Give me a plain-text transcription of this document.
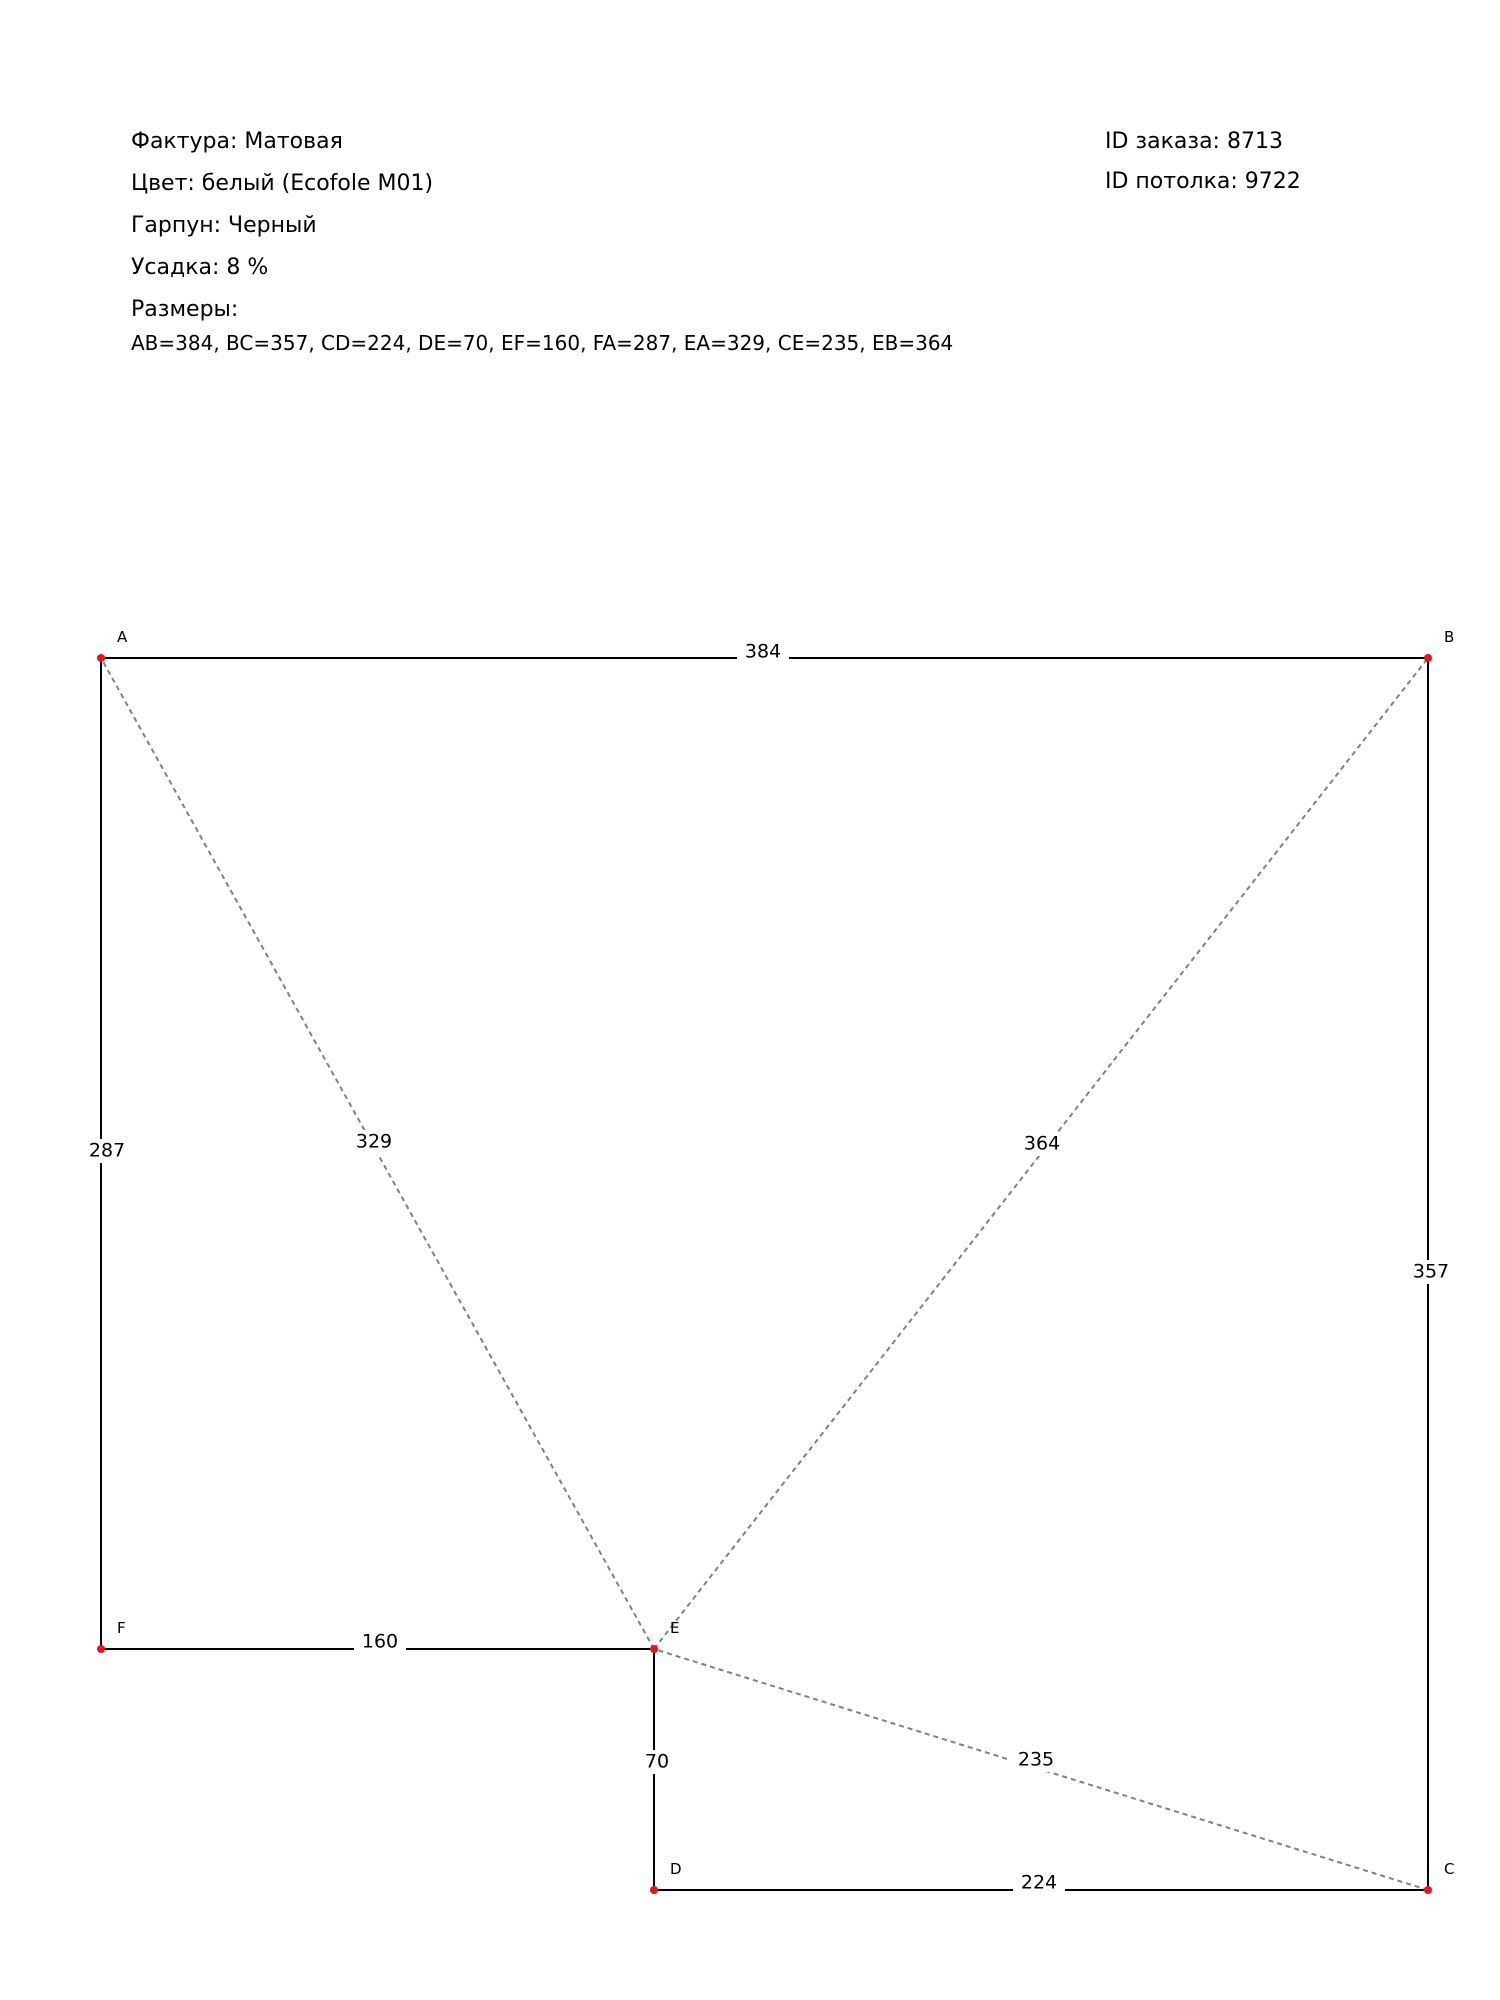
Фактура: Матовая
Цвет: белый (Ecofole M01)
Гарпун: Черный
Усадка: 8 %
Размеры:
AB=384, BC=357, CD=224, DE=70, EF=160, FA=287, EA=329, CE=235, EB=364
ID заказа: 8713
ID потолка: 9722
384
357
224
70
160
287	329
235
364
A	B
C
D
E
F
